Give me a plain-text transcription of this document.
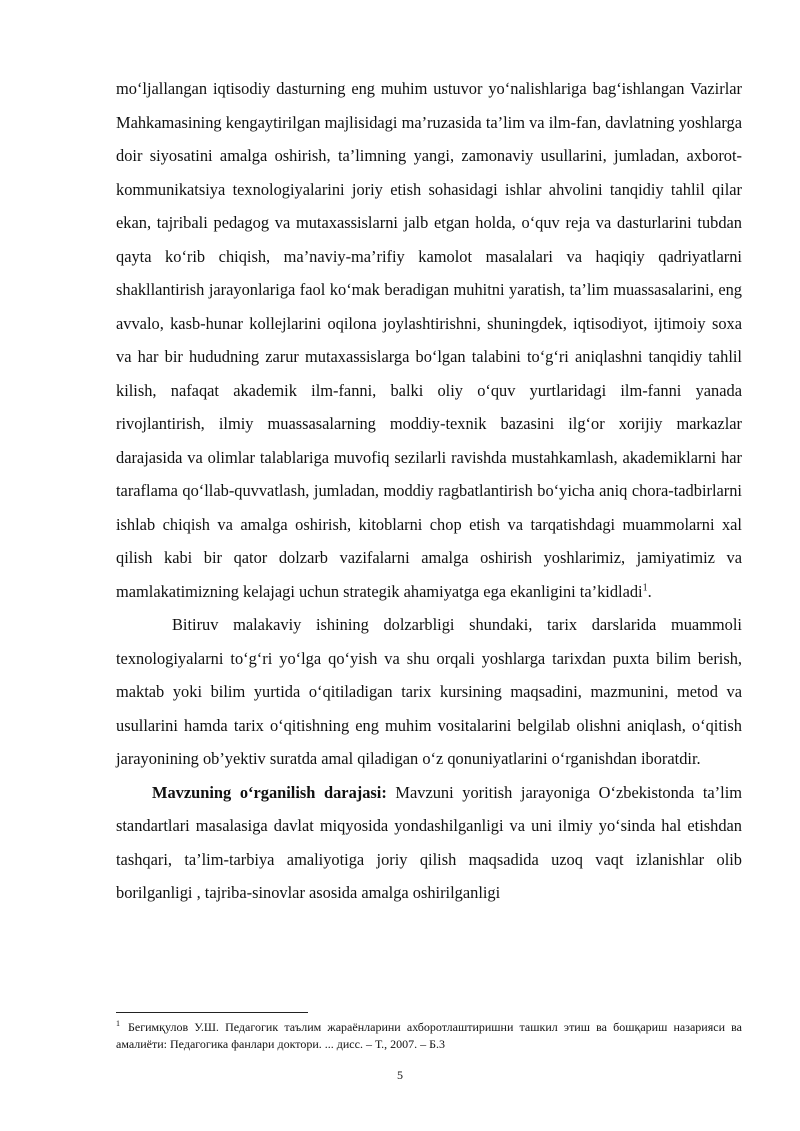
mo‘ljallangan iqtisodiy dasturning eng muhim ustuvor yo‘nalishlariga bag‘ishlangan Vazirlar Mahkamasining kengaytirilgan majlisidagi ma’ruzasida ta’lim va ilm-fan, davlatning yoshlarga doir siyosatini amalga oshirish, ta’limning yangi, zamonaviy usullarini, jumladan, axborot-kommunikatsiya texnologiyalarini joriy etish sohasidagi ishlar ahvolini tanqidiy tahlil qilar ekan, tajribali pedagog va mutaxassislarni jalb etgan holda, o‘quv reja va dasturlarini tubdan qayta ko‘rib chiqish, ma’naviy-ma’rifiy kamolot masalalari va haqiqiy qadriyatlarni shakllantirish jarayonlariga faol ko‘mak beradigan muhitni yaratish, ta’lim muassasalarini, eng avvalo, kasb-hunar kollejlarini oqilona joylashtirishni, shuningdek, iqtisodiyot, ijtimoiy soxa va har bir hududning zarur mutaxassislarga bo‘lgan talabini to‘g‘ri aniqlashni tanqidiy tahlil kilish, nafaqat akademik ilm-fanni, balki oliy o‘quv yurtlaridagi ilm-fanni yanada rivojlantirish, ilmiy muassasalarning moddiy-texnik bazasini ilg‘or xorijiy markazlar darajasida va olimlar talablariga muvofiq sezilarli ravishda mustahkamlash, akademiklarni har taraflama qo‘llab-quvvatlash, jumladan, moddiy ragbatlantirish bo‘yicha aniq chora-tadbirlarni ishlab chiqish va amalga oshirish, kitoblarni chop etish va tarqatishdagi muammolarni xal qilish kabi bir qator dolzarb vazifalarni amalga oshirish yoshlarimiz, jamiyatimiz va mamlakatimizning kelajagi uchun strategik ahamiyatga ega ekanligini ta’kidladi$^1$.

Bitiruv malakaviy ishining dolzarbligi shundaki, tarix darslarida muammoli texnologiyalarni to‘g‘ri yo‘lga qo‘yish va shu orqali yoshlarga tarixdan puxta bilim berish, maktab yoki bilim yurtida o‘qitiladigan tarix kursining maqsadini, mazmunini, metod va usullarini hamda tarix o‘qitishning eng muhim vositalarini belgilab olishni aniqlash, o‘qitish jarayonining ob’yektiv suratda amal qiladigan o‘z qonuniyatlarini o‘rganishdan iboratdir.

Mavzuning o‘rganilish darajasi: Mavzuni yoritish jarayoniga O‘zbekistonda ta’lim standartlari masalasiga davlat miqyosida yondashilganligi va uni ilmiy yo‘sinda hal etishdan tashqari, ta’lim-tarbiya amaliyotiga joriy qilish maqsadida uzoq vaqt izlanishlar olib borilganligi , tajriba-sinovlar asosida amalga oshirilganligi

$^1$ Бегимқулов У.Ш. Педагогик таълим жараёнларини ахборотлаштиришни ташкил этиш ва бошқариш назарияси ва амалиёти: Педагогика фанлари доктори. ... дисс. – Т., 2007. – Б.3
5
